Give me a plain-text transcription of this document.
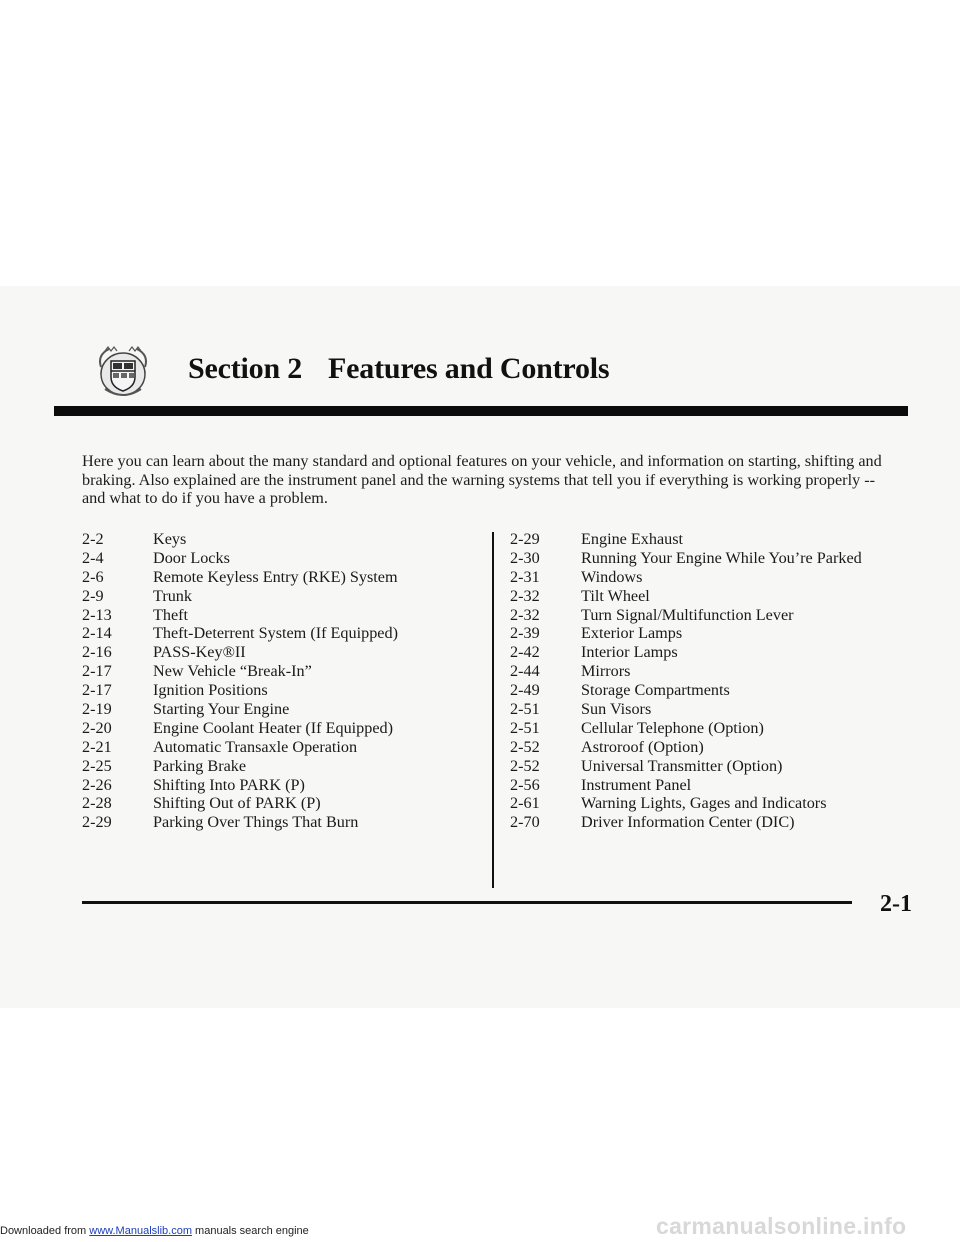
Section 2 Features and Controls
Here you can learn about the many standard and optional features on your vehicle, and information on starting, shifting and braking. Also explained are the instrument panel and the warning systems that tell you if everything is working properly -- and what to do if you have a problem.
2-2	Keys
2-4	Door Locks
2-6	Remote Keyless Entry (RKE) System
2-9	Trunk
2-13	Theft
2-14	Theft-Deterrent System (If Equipped)
2-16	PASS-Key®II
2-17	New Vehicle “Break-In”
2-17	Ignition Positions
2-19	Starting Your Engine
2-20	Engine Coolant Heater (If Equipped)
2-21	Automatic Transaxle Operation
2-25	Parking Brake
2-26	Shifting Into PARK (P)
2-28	Shifting Out of PARK (P)
2-29	Parking Over Things That Burn
2-29	Engine Exhaust
2-30	Running Your Engine While You’re Parked
2-31	Windows
2-32	Tilt Wheel
2-32	Turn Signal/Multifunction Lever
2-39	Exterior Lamps
2-42	Interior Lamps
2-44	Mirrors
2-49	Storage Compartments
2-51	Sun Visors
2-51	Cellular Telephone (Option)
2-52	Astroroof (Option)
2-52	Universal Transmitter (Option)
2-56	Instrument Panel
2-61	Warning Lights, Gages and Indicators
2-70	Driver Information Center (DIC)
2-1
carmanualsonline.info
Downloaded from www.Manualslib.com manuals search engine
